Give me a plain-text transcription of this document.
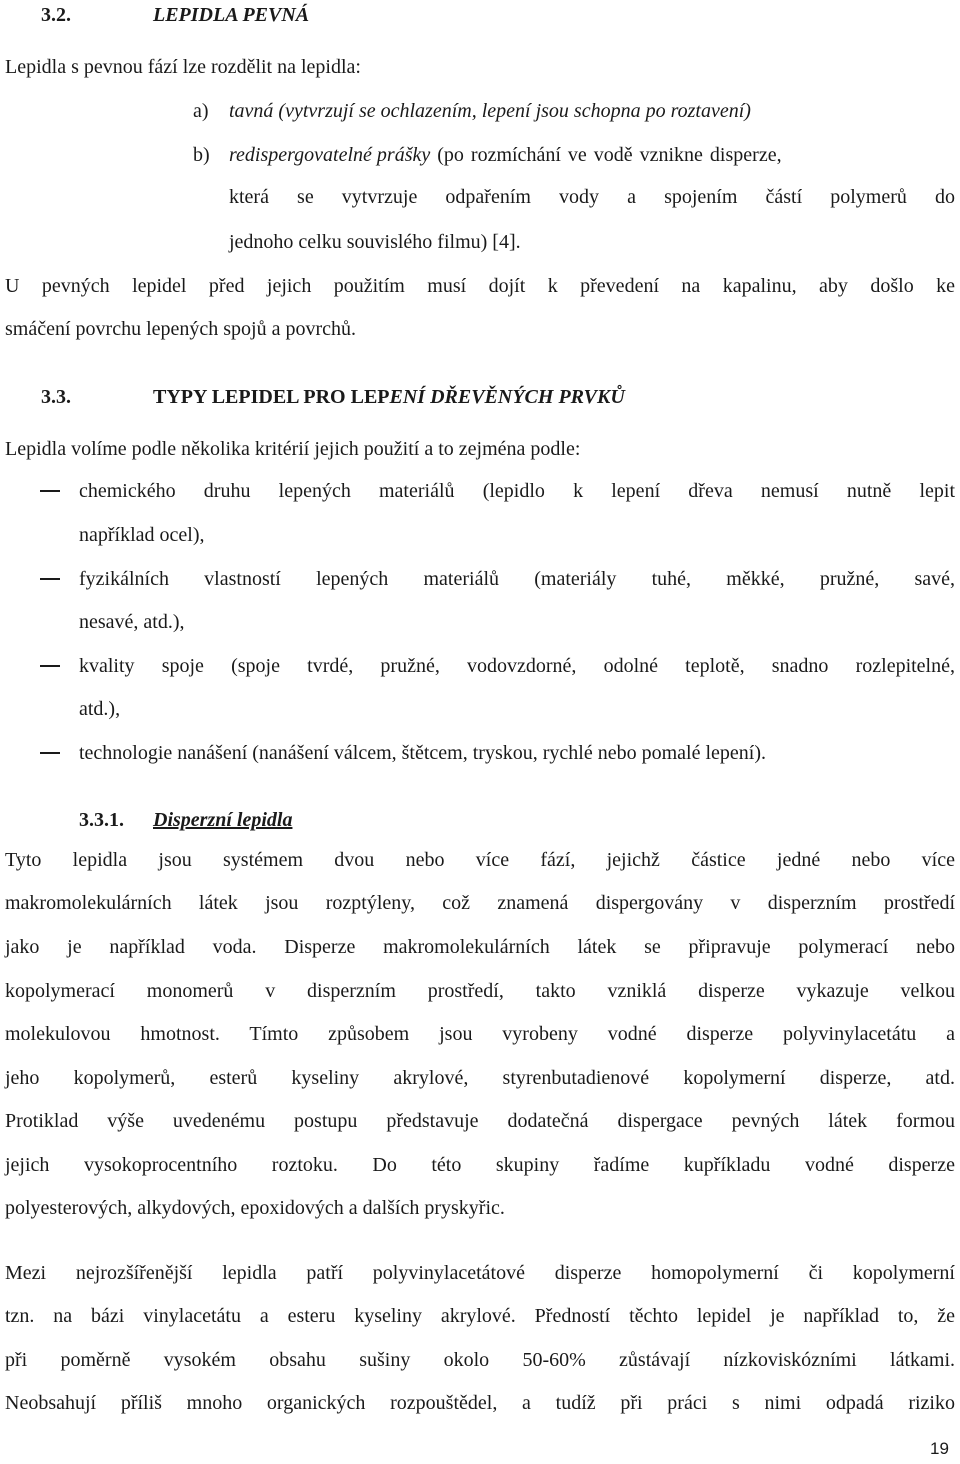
3.2.	LEPIDLA PEVNÁ
Lepidla s pevnou fází lze rozdělit na lepidla:
a) tavná (vytvrzují se ochlazením, lepení jsou schopna po roztavení)
b) redispergovatelné prášky (po rozmíchání ve vodě vznikne disperze,
která se vytvrzuje odpařením vody a spojením částí polymerů do
jednoho celku souvislého filmu) [4].
U pevných lepidel před jejich použitím musí dojít k převedení na kapalinu, aby došlo ke
smáčení povrchu lepených spojů a povrchů.
3.3.	TYPY LEPIDEL PRO LEPENÍ DŘEVĚNÝCH PRVKŮ
Lepidla volíme podle několika kritérií jejich použití a to zejména podle:
chemického druhu lepených materiálů (lepidlo k lepení dřeva nemusí nutně lepit
například ocel),
fyzikálních vlastností lepených materiálů (materiály tuhé, měkké, pružné, savé,
nesavé, atd.),
kvality spoje (spoje tvrdé, pružné, vodovzdorné, odolné teplotě, snadno rozlepitelné,
atd.),
technologie nanášení (nanášení válcem, štětcem, tryskou, rychlé nebo pomalé lepení).
3.3.1. Disperzní lepidla
Tyto lepidla jsou systémem dvou nebo více fází, jejichž částice jedné nebo více
makromolekulárních látek jsou rozptýleny, což znamená dispergovány v disperzním prostředí
jako je například voda. Disperze makromolekulárních látek se připravuje polymerací nebo
kopolymerací monomerů v disperzním prostředí, takto vzniklá disperze vykazuje velkou
molekulovou hmotnost. Tímto způsobem jsou vyrobeny vodné disperze polyvinylacetátu a
jeho kopolymerů, esterů kyseliny akrylové, styrenbutadienové kopolymerní disperze, atd.
Protiklad výše uvedenému postupu představuje dodatečná dispergace pevných látek formou
jejich vysokoprocentního roztoku. Do této skupiny řadíme kupříkladu vodné disperze
polyesterových, alkydových, epoxidových a dalších pryskyřic.
Mezi nejrozšířenější lepidla patří polyvinylacetátové disperze homopolymerní či kopolymerní
tzn. na bázi vinylacetátu a esteru kyseliny akrylové. Předností těchto lepidel je například to, že
při poměrně vysokém obsahu sušiny okolo 50-60% zůstávají nízkoviskózními látkami.
Neobsahují příliš mnoho organických rozpouštědel, a tudíž při práci s nimi odpadá riziko
19
